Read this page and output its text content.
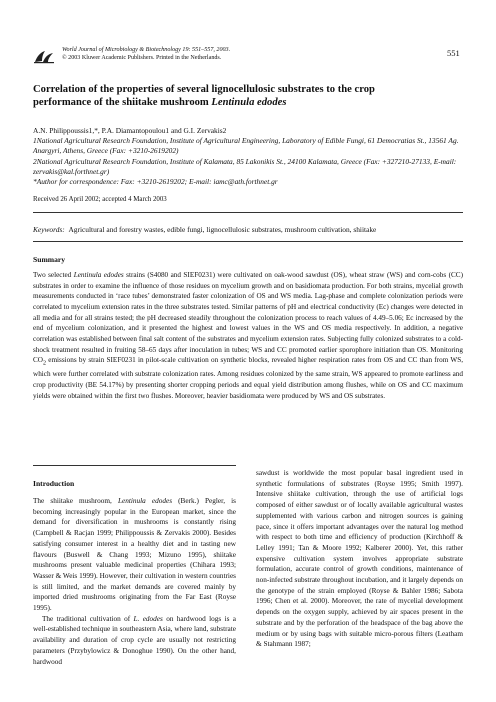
World Journal of Microbiology & Biotechnology 19: 551–557, 2003.
© 2003 Kluwer Academic Publishers. Printed in the Netherlands.	551
Correlation of the properties of several lignocellulosic substrates to the crop
performance of the shiitake mushroom Lentinula edodes
A.N. Philippoussis1,*, P.A. Diamantopoulou1 and G.I. Zervakis2
1National Agricultural Research Foundation, Institute of Agricultural Engineering, Laboratory of Edible Fungi, 61 Democratias St., 13561 Ag. Anargyri, Athens, Greece (Fax: +3210-2619202)
2National Agricultural Research Foundation, Institute of Kalamata, 85 Lakonikis St., 24100 Kalamata, Greece (Fax: +327210-27133, E-mail: zervakis@kal.forthnet.gr)
*Author for correspondence: Fax: +3210-2619202; E-mail: iamc@ath.forthnet.gr
Received 26 April 2002; accepted 4 March 2003
Keywords: Agricultural and forestry wastes, edible fungi, lignocellulosic substrates, mushroom cultivation, shiitake
Summary

Two selected Lentinula edodes strains (S4080 and SIEF0231) were cultivated on oak-wood sawdust (OS), wheat straw (WS) and corn-cobs (CC) substrates in order to examine the influence of those residues on mycelium growth and on basidiomata production. For both strains, mycelial growth measurements conducted in ‘race tubes’ demonstrated faster colonization of OS and WS media. Lag-phase and complete colonization periods were correlated to mycelium extension rates in the three substrates tested. Similar patterns of pH and electrical conductivity (Ec) changes were detected in all media and for all strains tested; the pH decreased steadily throughout the colonization process to reach values of 4.49–5.06; Ec increased by the end of mycelium colonization, and it presented the highest and lowest values in the WS and OS media respectively. In addition, a negative correlation was established between final salt content of the substrates and mycelium extension rates. Subjecting fully colonized substrates to a cold-shock treatment resulted in fruiting 58–65 days after inoculation in tubes; WS and CC promoted earlier sporophore initiation than OS. Monitoring $CO_2$ emissions by strain SIEF0231 in pilot-scale cultivation on synthetic blocks, revealed higher respiration rates from OS and CC than from WS, which were further correlated with substrate colonization rates. Among residues colonized by the same strain, WS appeared to promote earliness and crop productivity (BE 54.17%) by presenting shorter cropping periods and equal yield distribution among flushes, while on OS and CC maximum yields were obtained within the first two flushes. Moreover, heavier basidiomata were produced by WS and OS substrates.

Introduction

The shiitake mushroom, Lentinula edodes (Berk.) Pegler, is becoming increasingly popular in the European market, since the demand for diversification in mushrooms is constantly rising (Campbell & Racjan 1999; Philippoussis & Zervakis 2000). Besides satisfying consumer interest in a healthy diet and in tasting new flavours (Buswell & Chang 1993; Mizuno 1995), shiitake mushrooms present valuable medicinal properties (Chihara 1993; Wasser & Weis 1999). However, their cultivation in western countries is still limited, and the market demands are covered mainly by imported dried mushrooms originating from the Far East (Royse 1995).

The traditional cultivation of L. edodes on hardwood logs is a well-established technique in southeastern Asia, where land, substrate availability and duration of crop cycle are usually not restricting parameters (Przybylowicz & Donoghue 1990). On the other hand, hardwood

sawdust is worldwide the most popular basal ingredient used in synthetic formulations of substrates (Royse 1995; Smith 1997). Intensive shiitake cultivation, through the use of artificial logs composed of either sawdust or of locally available agricultural wastes supplemented with various carbon and nitrogen sources is gaining pace, since it offers important advantages over the natural log method with respect to both time and efficiency of production (Kirchhoff & Lelley 1991; Tan & Moore 1992; Kalberer 2000). Yet, this rather expensive cultivation system involves appropriate substrate formulation, accurate control of growth conditions, maintenance of non-infected substrate throughout incubation, and it largely depends on the genotype of the strain employed (Royse & Bahler 1986; Sabota 1996; Chen et al. 2000). Moreover, the rate of mycelial development depends on the oxygen supply, achieved by air spaces present in the substrate and by the perforation of the headspace of the bag above the medium or by using bags with suitable micro-porous filters (Leatham & Stahmann 1987;
